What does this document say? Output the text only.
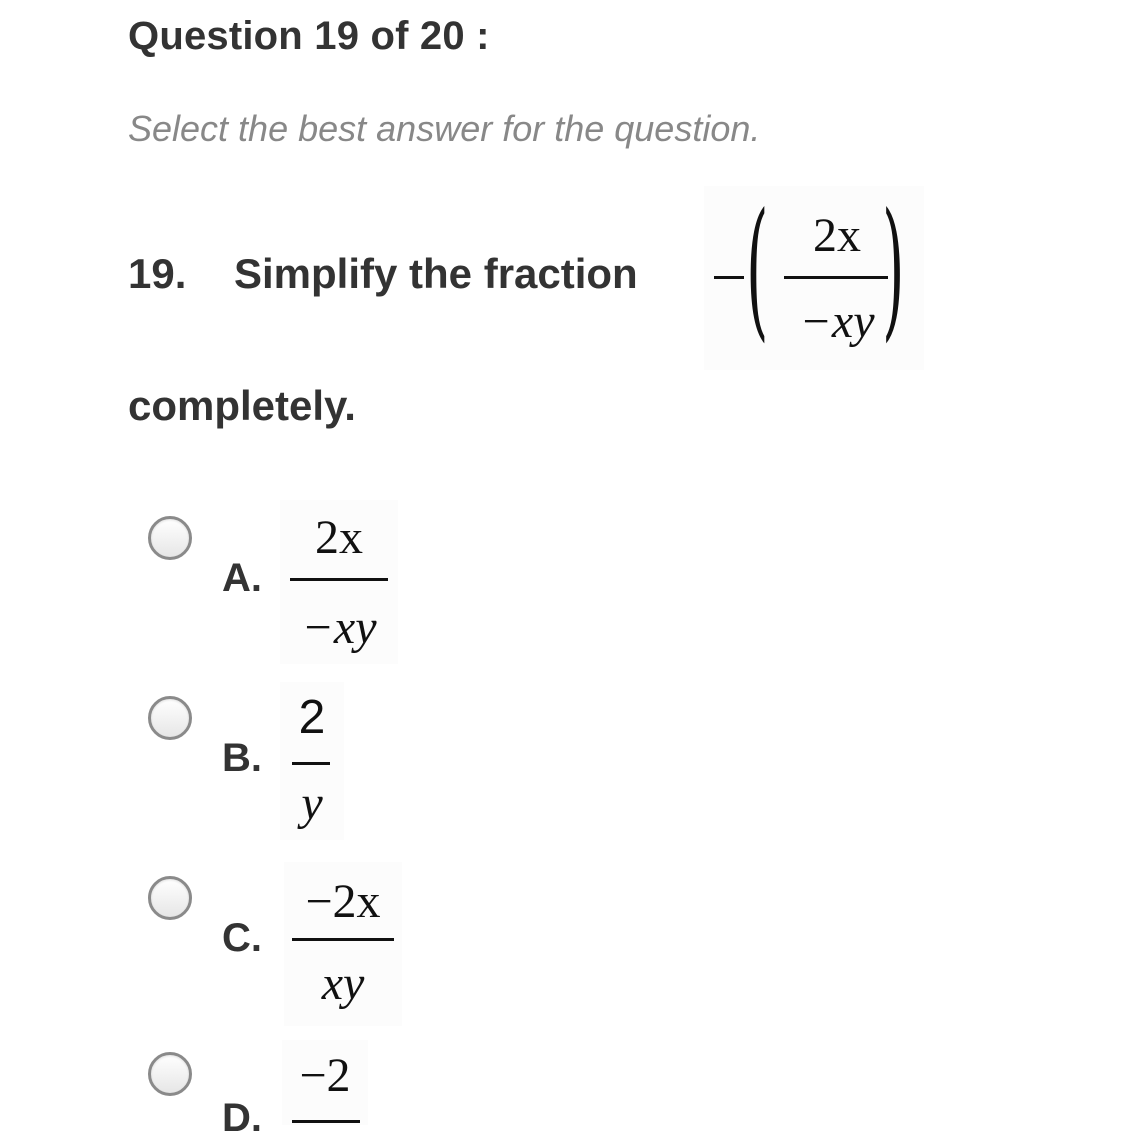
Question 19 of 20 :
Select the best answer for the question.
19. Simplify the fraction ( 2x
−xy )
completely.
A.
2x
−xy
B.
2
y
C.
−2x
xy
D.
−2
